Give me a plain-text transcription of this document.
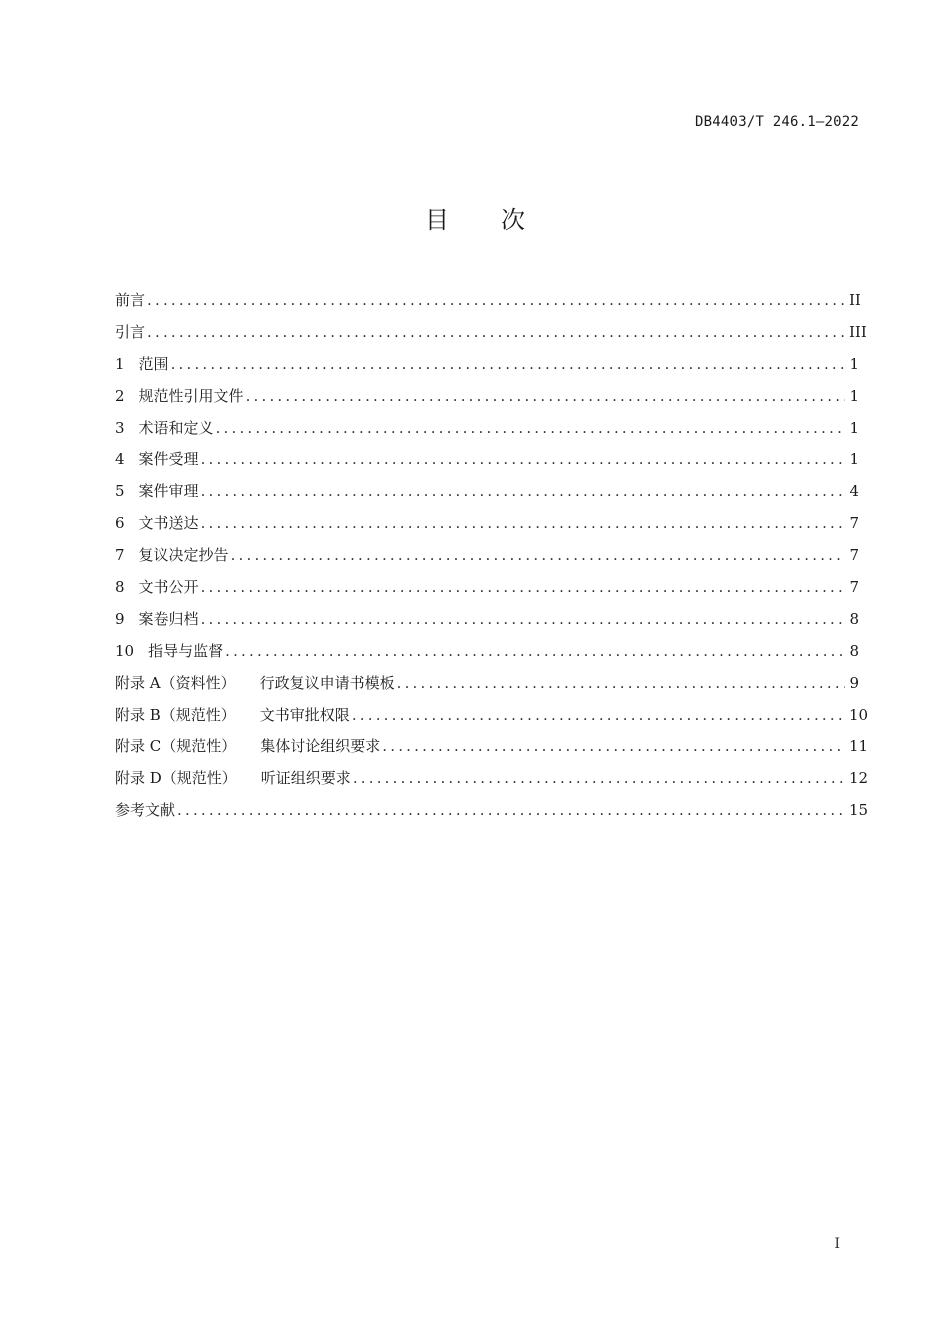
DB4403/T 246.1—2022
目 次
前言 .....	II
引言 .....	III
1 范围 .....	1
2 规范性引用文件 .....	1
3 术语和定义 .....	1
4 案件受理 .....	1
5 案件审理 .....	4
6 文书送达 .....	7
7 复议决定抄告 .....	7
8 文书公开 .....	7
9 案卷归档 .....	8
10 指导与监督 .....	8
附录 A（资料性） 行政复议申请书模板 .....	9
附录 B（规范性） 文书审批权限 .....	10
附录 C（规范性） 集体讨论组织要求 .....	11
附录 D（规范性） 听证组织要求 .....	12
参考文献 .....	15
I
